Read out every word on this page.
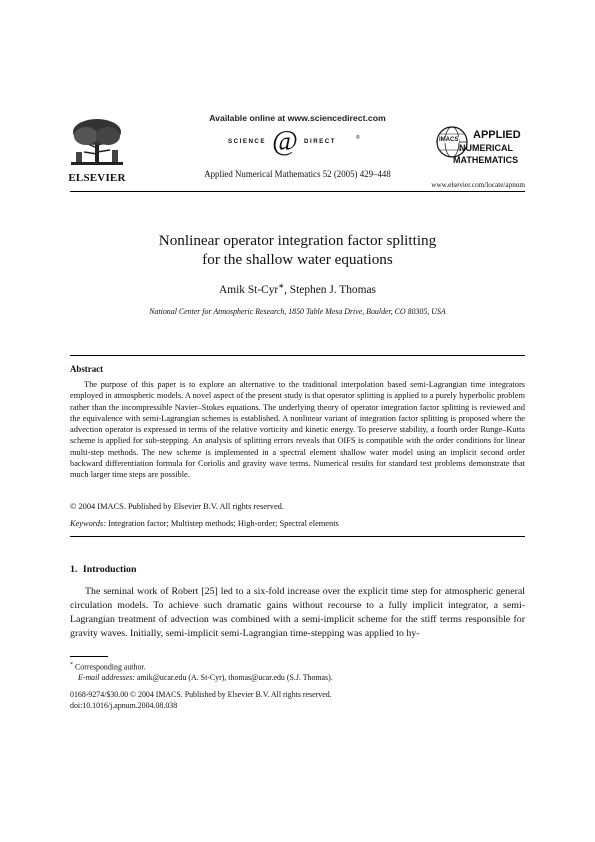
ELSEVIER
Available online at www.sciencedirect.com
SCIENCE @ DIRECT	®
Applied Numerical Mathematics 52 (2005) 429–448
IMACS APPLIED
NUMERICAL
MATHEMATICS
www.elsevier.com/locate/apnum
Nonlinear operator integration factor splitting
for the shallow water equations
Amik St-Cyr∗, Stephen J. Thomas
National Center for Atmospheric Research, 1850 Table Mesa Drive, Boulder, CO 80305, USA
Abstract
The purpose of this paper is to explore an alternative to the traditional interpolation based semi-Lagrangian time integrators employed in atmospheric models. A novel aspect of the present study is that operator splitting is applied to a purely hyperbolic problem rather than the incompressible Navier–Stokes equations. The underlying theory of operator integration factor splitting is reviewed and the equivalence with semi-Lagrangian schemes is established. A nonlinear variant of integration factor splitting is proposed where the advection operator is expressed in terms of the relative vorticity and kinetic energy. To preserve stability, a fourth order Runge–Kutta scheme is applied for sub-stepping. An analysis of splitting errors reveals that OIFS is compatible with the order conditions for linear multi-step methods. The new scheme is implemented in a spectral element shallow water model using an implicit second order backward differentiation formula for Coriolis and gravity wave terms. Numerical results for standard test problems demonstrate that much larger time steps are possible.
© 2004 IMACS. Published by Elsevier B.V. All rights reserved.
Keywords: Integration factor; Multistep methods; High-order; Spectral elements
1. Introduction
The seminal work of Robert [25] led to a six-fold increase over the explicit time step for atmospheric general circulation models. To achieve such dramatic gains without recourse to a fully implicit integrator, a semi-Lagrangian treatment of advection was combined with a semi-implicit scheme for the stiff terms responsible for gravity waves. Initially, semi-implicit semi-Lagrangian time-stepping was applied to hy-
* Corresponding author.
E-mail addresses: amik@ucar.edu (A. St-Cyr), thomas@ucar.edu (S.J. Thomas).
0168-9274/$30.00 © 2004 IMACS. Published by Elsevier B.V. All rights reserved.
doi:10.1016/j.apnum.2004.08.038
